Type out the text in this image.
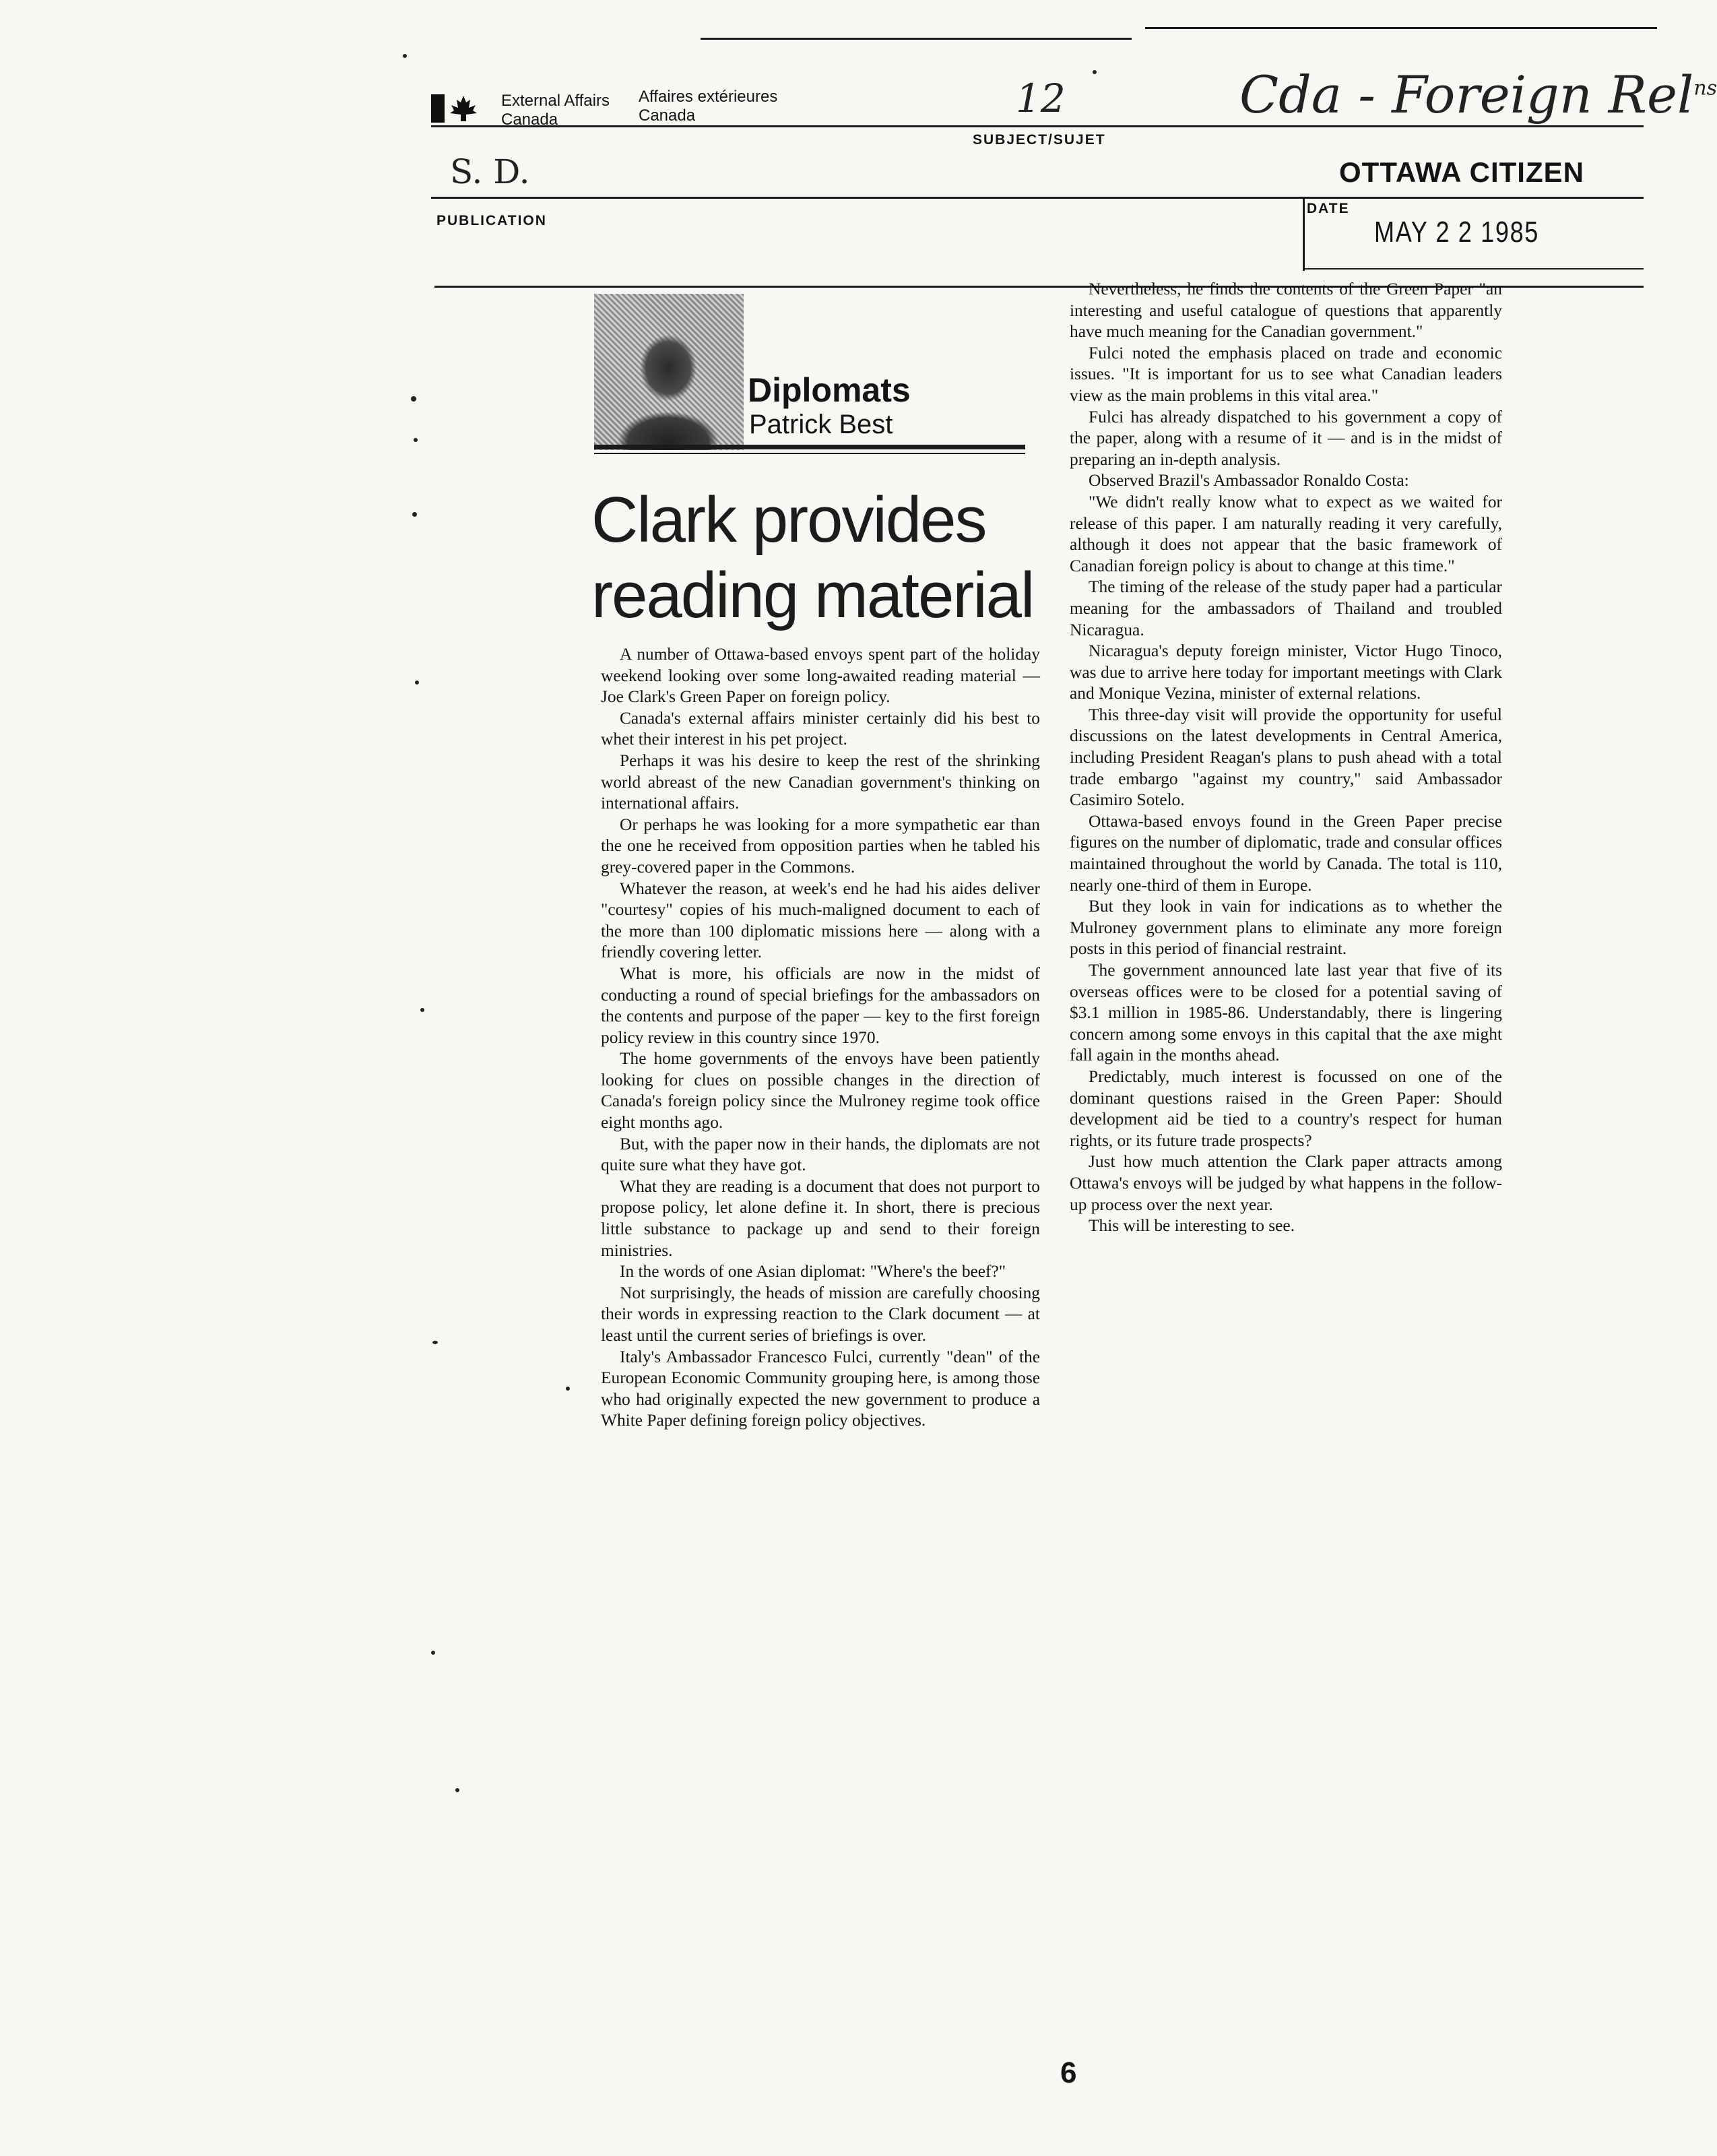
External Affairs
Canada
Affaires extérieures
Canada	12	Cda - Foreign Rel$^{ns}$
SUBJECT/SUJET
S. D.	OTTAWA CITIZEN
PUBLICATION
DATE
MAY 2 2 1985
Diplomats
Patrick Best
Clark provides
reading material

A number of Ottawa-based envoys spent part of the holiday weekend looking over some long-awaited reading material — Joe Clark's Green Paper on foreign policy.

Canada's external affairs minister certainly did his best to whet their interest in his pet project.

Perhaps it was his desire to keep the rest of the shrinking world abreast of the new Canadian government's thinking on international affairs.

Or perhaps he was looking for a more sympathetic ear than the one he received from opposition parties when he tabled his grey-covered paper in the Commons.

Whatever the reason, at week's end he had his aides deliver "courtesy" copies of his much-maligned document to each of the more than 100 diplomatic missions here — along with a friendly covering letter.

What is more, his officials are now in the midst of conducting a round of special briefings for the ambassadors on the contents and purpose of the paper — key to the first foreign policy review in this country since 1970.

The home governments of the envoys have been patiently looking for clues on possible changes in the direction of Canada's foreign policy since the Mulroney regime took office eight months ago.

But, with the paper now in their hands, the diplomats are not quite sure what they have got.

What they are reading is a document that does not purport to propose policy, let alone define it. In short, there is precious little substance to package up and send to their foreign ministries.

In the words of one Asian diplomat: "Where's the beef?"

Not surprisingly, the heads of mission are carefully choosing their words in expressing reaction to the Clark document — at least until the current series of briefings is over.

Italy's Ambassador Francesco Fulci, currently "dean" of the European Economic Community grouping here, is among those who had originally expected the new government to produce a White Paper defining foreign policy objectives.

Nevertheless, he finds the contents of the Green Paper "an interesting and useful catalogue of questions that apparently have much meaning for the Canadian government."

Fulci noted the emphasis placed on trade and economic issues. "It is important for us to see what Canadian leaders view as the main problems in this vital area."

Fulci has already dispatched to his government a copy of the paper, along with a resume of it — and is in the midst of preparing an in-depth analysis.

Observed Brazil's Ambassador Ronaldo Costa:

"We didn't really know what to expect as we waited for release of this paper. I am naturally reading it very carefully, although it does not appear that the basic framework of Canadian foreign policy is about to change at this time."

The timing of the release of the study paper had a particular meaning for the ambassadors of Thailand and troubled Nicaragua.

Nicaragua's deputy foreign minister, Victor Hugo Tinoco, was due to arrive here today for important meetings with Clark and Monique Vezina, minister of external relations.

This three-day visit will provide the opportunity for useful discussions on the latest developments in Central America, including President Reagan's plans to push ahead with a total trade embargo "against my country," said Ambassador Casimiro Sotelo.

Ottawa-based envoys found in the Green Paper precise figures on the number of diplomatic, trade and consular offices maintained throughout the world by Canada. The total is 110, nearly one-third of them in Europe.

But they look in vain for indications as to whether the Mulroney government plans to eliminate any more foreign posts in this period of financial restraint.

The government announced late last year that five of its overseas offices were to be closed for a potential saving of $3.1 million in 1985-86. Understandably, there is lingering concern among some envoys in this capital that the axe might fall again in the months ahead.

Predictably, much interest is focussed on one of the dominant questions raised in the Green Paper: Should development aid be tied to a country's respect for human rights, or its future trade prospects?

Just how much attention the Clark paper attracts among Ottawa's envoys will be judged by what happens in the follow-up process over the next year.

This will be interesting to see.

6
